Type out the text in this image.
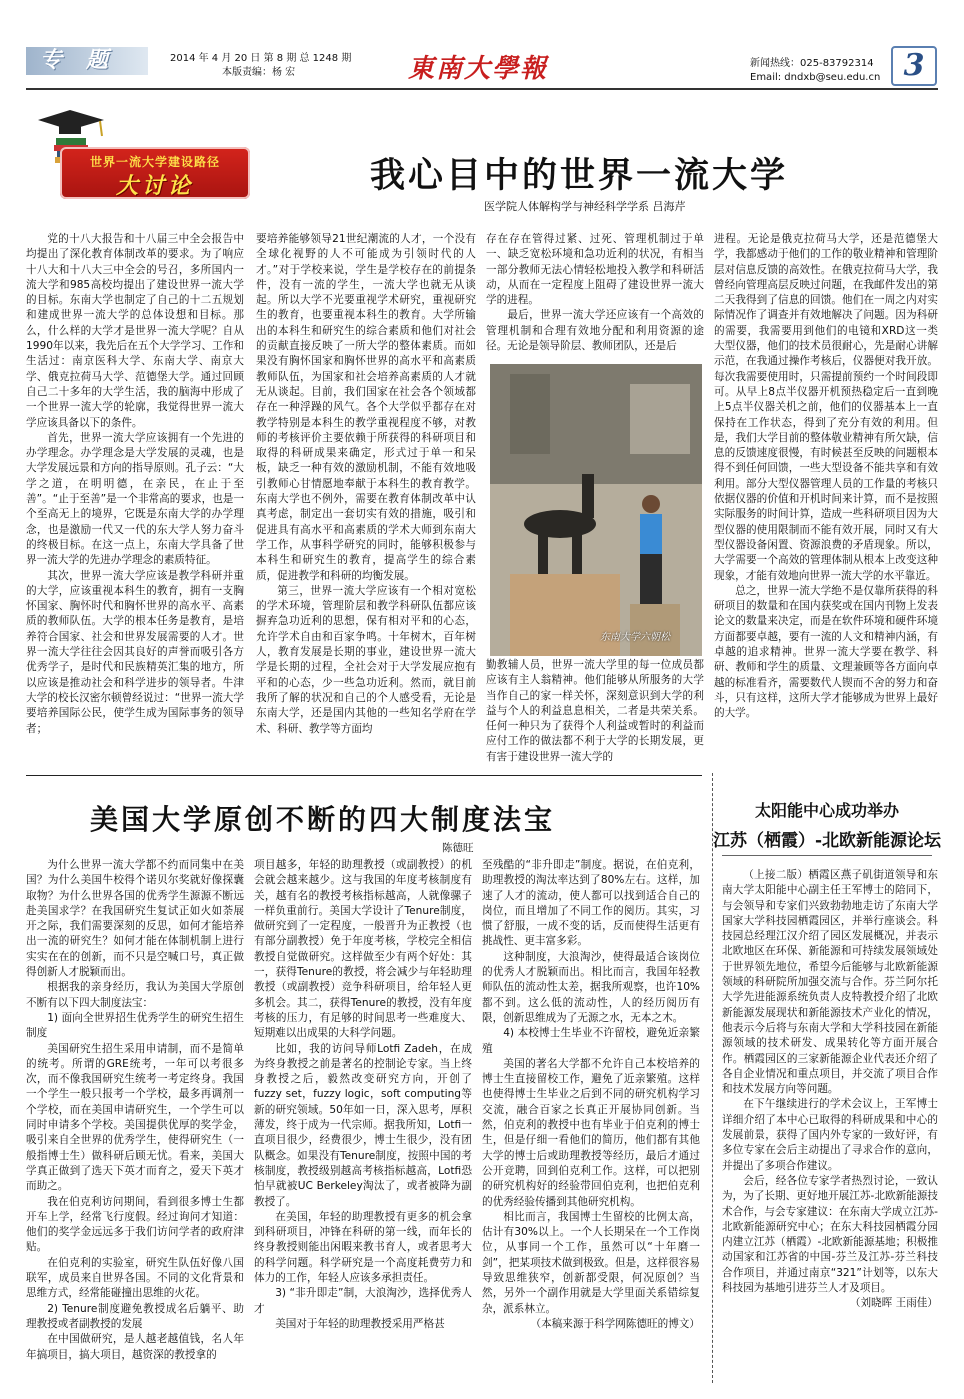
专题	2014 年 4 月 20 日 第 8 期 总 1248 期
本版责编：杨 宏	東南大學報	新闻热线：025-83792314
Email: dndxb@seu.edu.cn 3
世界一流大学建设路径
大讨论	我心目中的世界一流大学
医学院人体解构学与神经科学学系 吕海芹

党的十八大报告和十八届三中全会报告中均提出了深化教育体制改革的要求。为了响应十八大和十八大三中全会的号召，多所国内一流大学和985高校均提出了建设世界一流大学的目标。东南大学也制定了自己的十二五规划和建成世界一流大学的总体设想和目标。那么，什么样的大学才是世界一流大学呢？自从1990年以来，我先后在五个大学学习、工作和生活过：南京医科大学、东南大学、南京大学、俄克拉荷马大学、范德堡大学。通过回顾自己二十多年的大学生活，我的脑海中形成了一个世界一流大学的轮廓，我觉得世界一流大学应该具备以下的条件。

首先，世界一流大学应该拥有一个先进的办学理念。办学理念是大学发展的灵魂，也是大学发展远景和方向的指导原则。孔子云：“大学之道，在明明德，在亲民，在止于至善”。“止于至善”是一个非常高的要求，也是一个至高无上的境界，它既是东南大学的办学理念，也是激励一代又一代的东大学人努力奋斗的终极目标。在这一点上，东南大学具备了世界一流大学的先进办学理念的素质特征。

其次，世界一流大学应该是教学科研并重的大学，应该重视本科生的教育，拥有一支胸怀国家、胸怀时代和胸怀世界的高水平、高素质的教师队伍。大学的根本任务是教育，是培养符合国家、社会和世界发展需要的人才。世界一流大学往往会因其良好的声誉而吸引各方优秀学子，是时代和民族精英汇集的地方，所以应该是推动社会和科学进步的领导者。牛津大学的校长汉密尔顿曾经说过：“世界一流大学要培养国际公民，使学生成为国际事务的领导者；

要培养能够领导21世纪潮流的人才，一个没有全球化视野的人不可能成为引领时代的人才。”对于学校来说，学生是学校存在的前提条件，没有一流的学生，一流大学也就无从谈起。所以大学不光要重视学术研究，重视研究生的教育，也要重视本科生的教育。大学所输出的本科生和研究生的综合素质和他们对社会的贡献直接反映了一所大学的整体素质。而如果没有胸怀国家和胸怀世界的高水平和高素质教师队伍，为国家和社会培养高素质的人才就无从谈起。目前，我们国家在社会各个领域都存在一种浮躁的风气。各个大学似乎都存在对教学特别是本科生的教学重视程度不够，对教师的考核评价主要依赖于所获得的科研项目和取得的科研成果来确定，形式过于单一和呆板，缺乏一种有效的激励机制，不能有效地吸引教师心甘情愿地奉献于本科生的教育教学。东南大学也不例外，需要在教育体制改革中认真考虑，制定出一套切实有效的措施，吸引和促进具有高水平和高素质的学术大师到东南大学工作，从事科学研究的同时，能够积极参与本科生和研究生的教育，提高学生的综合素质，促进教学和科研的均衡发展。

第三，世界一流大学应该有一个相对宽松的学术环境，管理阶层和教学科研队伍都应该摒弃急功近利的思想，保有相对平和的心态，允许学术自由和百家争鸣。十年树木，百年树人，教育发展是长期的事业，建设世界一流大学是长期的过程，全社会对于大学发展应抱有平和的心态，少一些急功近利。然而，就目前我所了解的状况和自己的个人感受看，无论是东南大学，还是国内其他的一些知名学府在学术、科研、教学等方面均

存在存在管得过紧、过死、管理机制过于单一、缺乏宽松环境和急功近利的状况，有相当一部分教师无法心情轻松地投入教学和科研活动，从而在一定程度上阻碍了建设世界一流大学的进程。

最后，世界一流大学还应该有一个高效的管理机制和合理有效地分配和利用资源的途径。无论是领导阶层、教师团队，还是后

东南大学六朝松

勤教辅人员，世界一流大学里的每一位成员都应该有主人翁精神。他们能够从所服务的大学当作自己的家一样关怀，深刻意识到大学的利益与个人的利益息息相关，二者是共荣关系。任何一种只为了获得个人利益或暂时的利益而应付工作的做法都不利于大学的长期发展，更有害于建设世界一流大学的

进程。无论是俄克拉荷马大学，还是范德堡大学，我都感动于他们的工作的敬业精神和管理阶层对信息反馈的高效性。在俄克拉荷马大学，我曾经向管理高层反映过问题，在我邮件发出的第二天我得到了信息的回馈。他们在一周之内对实际情况作了调查并有效地解决了问题。因为科研的需要，我需要用到他们的电镜和XRD这一类大型仪器，他们的技术员很耐心，先是耐心讲解示范，在我通过操作考核后，仪器便对我开放。每次我需要使用时，只需提前预约一个时间段即可。从早上8点半仪器开机预热稳定后一直到晚上5点半仪器关机之前，他们的仪器基本上一直保持在工作状态，得到了充分有效的利用。但是，我们大学目前的整体敬业精神有所欠缺，信息的反馈速度很慢，有时候甚至反映的问题根本得不到任何回馈，一些大型设备不能共享和有效利用。部分大型仪器管理人员的工作量的考核只依据仪器的价值和开机时间来计算，而不是按照实际服务的时间计算，造成一些科研项目因为大型仪器的使用限制而不能有效开展，同时又有大型仪器设备闲置、资源浪费的矛盾现象。所以，大学需要一个高效的管理体制从根本上改变这种现象，才能有效地向世界一流大学的水平靠近。

总之，世界一流大学绝不是仅靠所获得的科研项目的数量和在国内获奖或在国内刊物上发表论文的数量来决定，而是在软件环境和硬件环境方面都要卓越，要有一流的人文和精神内涵，有卓越的追求精神。世界一流大学要在教学、科研、教师和学生的质量、文理兼顾等各方面向卓越的标准看齐，需要数代人锲而不舍的努力和奋斗，只有这样，这所大学才能够成为世界上最好的大学。

美国大学原创不断的四大制度法宝
陈德旺

为什么世界一流大学都不约而同集中在美国？为什么美国牛校得个诺贝尔奖就好像探囊取物？为什么世界各国的优秀学生源源不断远赴美国求学？在我国研究生复试正如火如荼展开之际，我们需要深刻的反思，如何才能培养出一流的研究生？如何才能在体制机制上进行实实在在的创新，而不只是空喊口号，真正做得创新人才脱颖而出。

根据我的亲身经历，我认为美国大学原创不断有以下四大制度法宝：

1) 面向全世界招生优秀学生的研究生招生制度

美国研究生招生采用申请制，而不是简单的统考。所谓的GRE统考，一年可以考很多次，而不像我国研究生统考一考定终身。我国一个学生一般只报考一个学校，最多再调剂一个学校，而在美国申请研究生，一个学生可以同时申请多个学校。美国提供优厚的奖学金，吸引来自全世界的优秀学生，使得研究生（一般指博士生）做科研后顾无忧。看来，美国大学真正做到了选天下英才而育之，爱天下英才而助之。

我在伯克利访问期间，看到很多博士生都开车上学，经常飞行度假。经过询问才知道：他们的奖学金远远多于我们访问学者的政府津贴。

在伯克利的实验室，研究生队伍好像八国联军，成员来自世界各国。不同的文化背景和思维方式，经常能碰撞出思维的火花。

2) Tenure制度避免教授成名后躺平、助理教授或者副教授的发展

在中国做研究，是人越老越值钱，名人年年搞项目，搞大项目，越资深的教授拿的

项目越多，年轻的助理教授（或副教授）的机会就会越来越少。这与我国的年度考核制度有关，越有名的教授考核指标越高，人就像骡子一样负重前行。美国大学设计了Tenure制度，做研究到了一定程度，一般晋升为正教授（也有部分副教授）免于年度考核，学校完全相信教授自觉做研究。这样做至少有两个好处：其一，获得Tenure的教授，将会减少与年轻助理教授（或副教授）竞争科研项目，给年轻人更多机会。其二，获得Tenure的教授，没有年度考核的压力，有足够的时间思考一些难度大、短期难以出成果的大科学问题。

比如，我的访问导师Lotfi Zadeh，在成为终身教授之前是著名的控制论专家。当上终身教授之后，毅然改变研究方向，开创了fuzzy set，fuzzy logic，soft computing等新的研究领域。50年如一日，深入思考，厚积薄发，终于成为一代宗师。据我所知，Lotfi一直项目很少，经费很少，博士生很少，没有团队概念。如果没有Tenure制度，按照中国的考核制度，教授级别越高考核指标越高，Lotfi恐怕早就被UC Berkeley淘汰了，或者被降为副教授了。

在美国，年轻的助理教授有更多的机会拿到科研项目，冲锋在科研的第一线，而年长的终身教授则能出闲暇来教书育人，或者思考大的科学问题。科学研究是一个高度耗费劳力和体力的工作，年轻人应该多承担责任。

3) “非升即走”制，大浪淘沙，选择优秀人才

美国对于年轻的助理教授采用严格甚

至残酷的“非升即走”制度。据说，在伯克利，助理教授的淘汰率达到了80%左右。这样，加速了人才的流动，使人都可以找到适合自己的岗位，而且增加了不同工作的阅历。其实，习惯了舒服，一成不变的话，反而使得生活更有挑战性、更丰富多彩。

这种制度，大浪淘沙，使得最适合该岗位的优秀人才脱颖而出。相比而言，我国年轻教师队伍的流动性太差，据我所观察，也许10%都不到。这么低的流动性，人的经历阅历有限，创新思维成为了无源之水，无本之木。

4) 本校博士生毕业不许留校，避免近亲繁殖

美国的著名大学都不允许自己本校培养的博士生直接留校工作，避免了近亲繁殖。这样也使得博士生毕业之后到不同的研究机构学习交流，融合百家之长真正开展协同创新。当然，伯克利的教授中也有毕业于伯克利的博士生，但是仔细一看他们的简历，他们都有其他大学的博士后或助理教授等经历，最后才通过公开竞聘，回到伯克利工作。这样，可以把别的研究机构好的经验带回伯克利，也把伯克利的优秀经验传播到其他研究机构。

相比而言，我国博士生留校的比例太高，估计有30%以上。一个人长期呆在一个工作岗位，从事同一个工作，虽然可以“十年磨一剑”，把某项技术做到极致。但是，这样很容易导致思维狭窄，创新都受限，何况原创？当然，另外一个副作用就是大学里面关系错综复杂，派系林立。

（本稿来源于科学网陈德旺的博文）

太阳能中心成功举办
江苏（栖霞）-北欧新能源论坛

（上接二版）栖霞区燕子矶街道领导和东南大学太阳能中心副主任王军博士的陪同下，与会领导和专家们兴致勃勃地走访了东南大学国家大学科技园栖霞园区，并举行座谈会。科技园总经理江汉介绍了园区发展概况，并表示北欧地区在环保、新能源和可持续发展领域处于世界领先地位，希望今后能够与北欧新能源领域的科研院所加强交流与合作。芬兰阿尔托大学先进能源系统负责人皮特教授介绍了北欧新能源发展现状和新能源技术产业化的情况，他表示今后将与东南大学和大学科技园在新能源领域的技术研发、成果转化等方面开展合作。栖霞园区的三家新能源企业代表还介绍了各自企业情况和重点项目，并交流了项目合作和技术发展方向等问题。

在下午继续进行的学术会议上，王军博士详细介绍了本中心已取得的科研成果和中心的发展前景，获得了国内外专家的一致好评，有多位专家在会后主动提出了寻求合作的意向，并提出了多项合作建议。

会后，经各位专家学者热烈讨论，一致认为，为了长期、更好地开展江苏-北欧新能源技术合作，与会专家建议：在东南大学成立江苏-北欧新能源研究中心；在东大科技园栖霞分园内建立江苏（栖霞）-北欧新能源基地；积极推动国家和江苏省的中国-芬兰及江苏-芬兰科技合作项目，并通过南京“321”计划等，以东大科技园为基地引进芬兰人才及项目。

（刘晓晖 王雨佳）
